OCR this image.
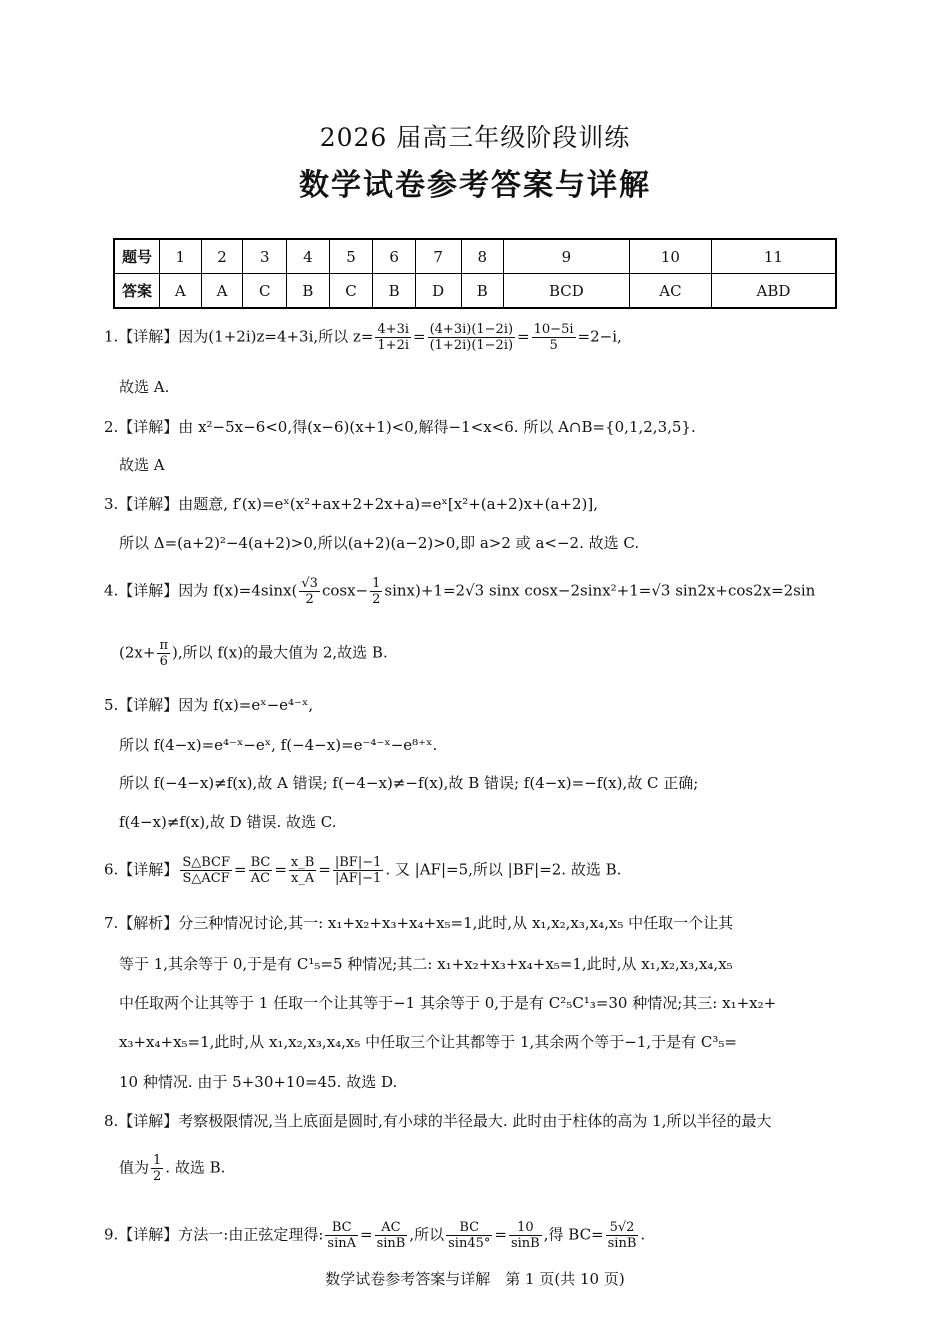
2026 届高三年级阶段训练
数学试卷参考答案与详解
题号	1	2	3	4	5	6	7	8	9	10	11
答案	A	A	C	B	C	B	D	B	BCD	AC	ABD
1.【详解】因为(1+2i)z=4+3i,所以 $z= \frac{4+3i}{1+2i} = \frac{(4+3i)(1-2i)}{(1+2i)(1-2i)} = \frac{10-5i}{5} =2-i$,
故选 A.
2.【详解】由 x²−5x−6<0,得(x−6)(x+1)<0,解得−1<x<6. 所以 A∩B={0,1,2,3,5}.
故选 A
3.【详解】由题意, f′(x)=eˣ(x²+ax+2+2x+a)=eˣ[x²+(a+2)x+(a+2)],
所以 Δ=(a+2)²−4(a+2)>0,所以(a+2)(a−2)>0,即 a>2 或 a<−2. 故选 C.
4.【详解】因为 $f(x)=4\sin x( \frac{√3}{2} \cos x- \frac{1}{2} \sin x)+1=2√3$ sinx cosx−2sinx²+1=√3 sin2x+cos2x=2sin
($2x+ \frac{\pi}{6}$ ),所以 f(x)的最大值为 2,故选 B.
5.【详解】因为 f(x)=eˣ−e⁴⁻ˣ,
所以 f(4−x)=e⁴⁻ˣ−eˣ, f(−4−x)=e⁻⁴⁻ˣ−e⁸⁺ˣ.
所以 f(−4−x)≠f(x),故 A 错误; f(−4−x)≠−f(x),故 B 错误; f(4−x)=−f(x),故 C 正确;
f(4−x)≠f(x),故 D 错误. 故选 C.
6.【详解】 $\frac{\text{S△BCF}}{\text{S△ACF}} = \frac{BC}{AC} = \frac{x\_B}{x\_A} = \frac{|BF|-1}{|AF|-1}$ . 又 |AF|=5,所以 |BF|=2. 故选 B.
7.【解析】分三种情况讨论,其一: x₁+x₂+x₃+x₄+x₅=1,此时,从 x₁,x₂,x₃,x₄,x₅ 中任取一个让其
等于 1,其余等于 0,于是有 C¹₅=5 种情况;其二: x₁+x₂+x₃+x₄+x₅=1,此时,从 x₁,x₂,x₃,x₄,x₅
中任取两个让其等于 1 任取一个让其等于−1 其余等于 0,于是有 C²₅C¹₃=30 种情况;其三: x₁+x₂+
x₃+x₄+x₅=1,此时,从 x₁,x₂,x₃,x₄,x₅ 中任取三个让其都等于 1,其余两个等于−1,于是有 C³₅=
10 种情况. 由于 5+30+10=45. 故选 D.
8.【详解】考察极限情况,当上底面是圆时,有小球的半径最大. 此时由于柱体的高为 1,所以半径的最大
值为 $\frac{1}{2}$ . 故选 B.
9.【详解】方法一:由正弦定理得: $\frac{BC}{\sin A} = \frac{AC}{\sin B}$ ,所以 $\frac{BC}{\sin 45^\circ} = \frac{10}{\sin B}$ ,得 $BC= \frac{5√2}{\sin B}$ .
数学试卷参考答案与详解　第 1 页(共 10 页)
